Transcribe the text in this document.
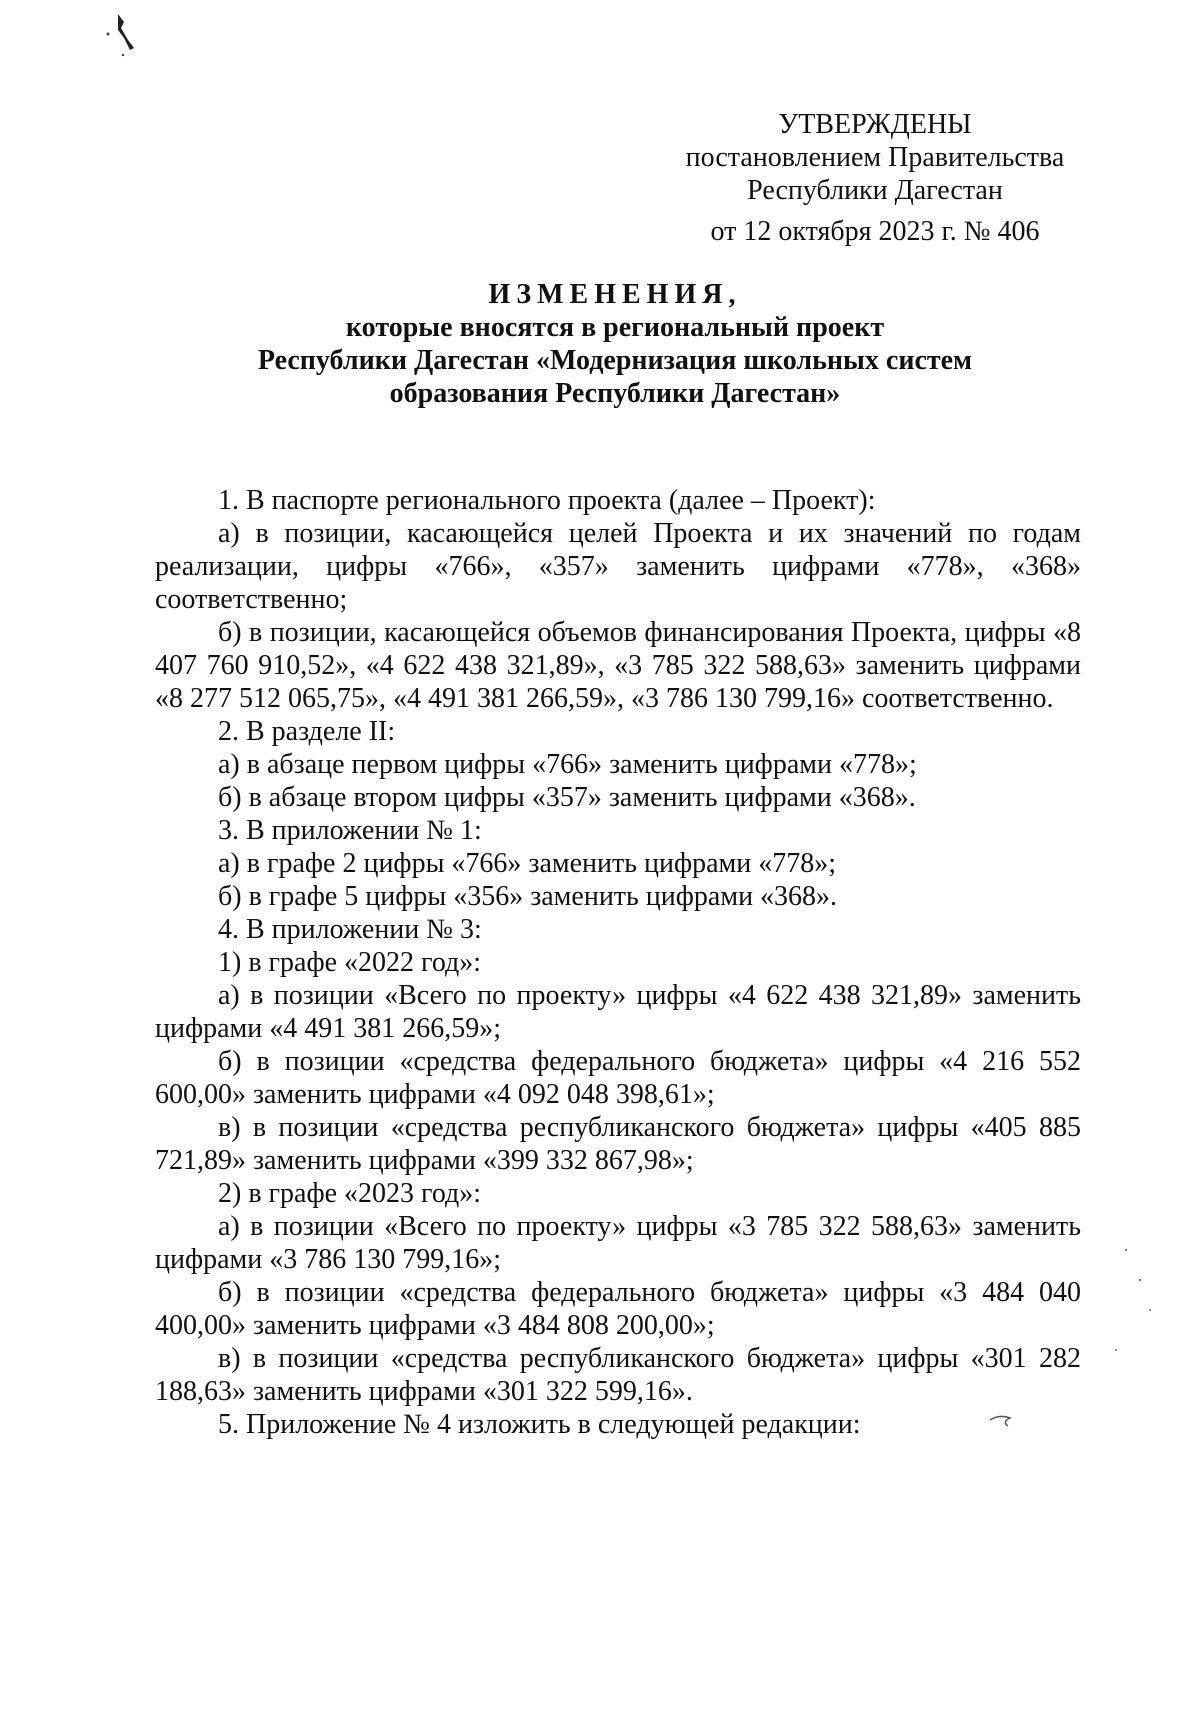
УТВЕРЖДЕНЫ
постановлением Правительства
Республики Дагестан
от 12 октября 2023 г. № 406
ИЗМЕНЕНИЯ,
которые вносятся в региональный проект
Республики Дагестан «Модернизация школьных систем
образования Республики Дагестан»

1. В паспорте регионального проекта (далее – Проект):

а) в позиции, касающейся целей Проекта и их значений по годам реализации, цифры «766», «357» заменить цифрами «778», «368» соответственно;

б) в позиции, касающейся объемов финансирования Проекта, цифры «8 407 760 910,52», «4 622 438 321,89», «3 785 322 588,63» заменить цифрами «8 277 512 065,75», «4 491 381 266,59», «3 786 130 799,16» соответственно.

2. В разделе II:

а) в абзаце первом цифры «766» заменить цифрами «778»;

б) в абзаце втором цифры «357» заменить цифрами «368».

3. В приложении № 1:

а) в графе 2 цифры «766» заменить цифрами «778»;

б) в графе 5 цифры «356» заменить цифрами «368».

4. В приложении № 3:

1) в графе «2022 год»:

а) в позиции «Всего по проекту» цифры «4 622 438 321,89» заменить цифрами «4 491 381 266,59»;

б) в позиции «средства федерального бюджета» цифры «4 216 552 600,00» заменить цифрами «4 092 048 398,61»;

в) в позиции «средства республиканского бюджета» цифры «405 885 721,89» заменить цифрами «399 332 867,98»;

2) в графе «2023 год»:

а) в позиции «Всего по проекту» цифры «3 785 322 588,63» заменить цифрами «3 786 130 799,16»;

б) в позиции «средства федерального бюджета» цифры «3 484 040 400,00» заменить цифрами «3 484 808 200,00»;

в) в позиции «средства республиканского бюджета» цифры «301 282 188,63» заменить цифрами «301 322 599,16».

5. Приложение № 4 изложить в следующей редакции:
